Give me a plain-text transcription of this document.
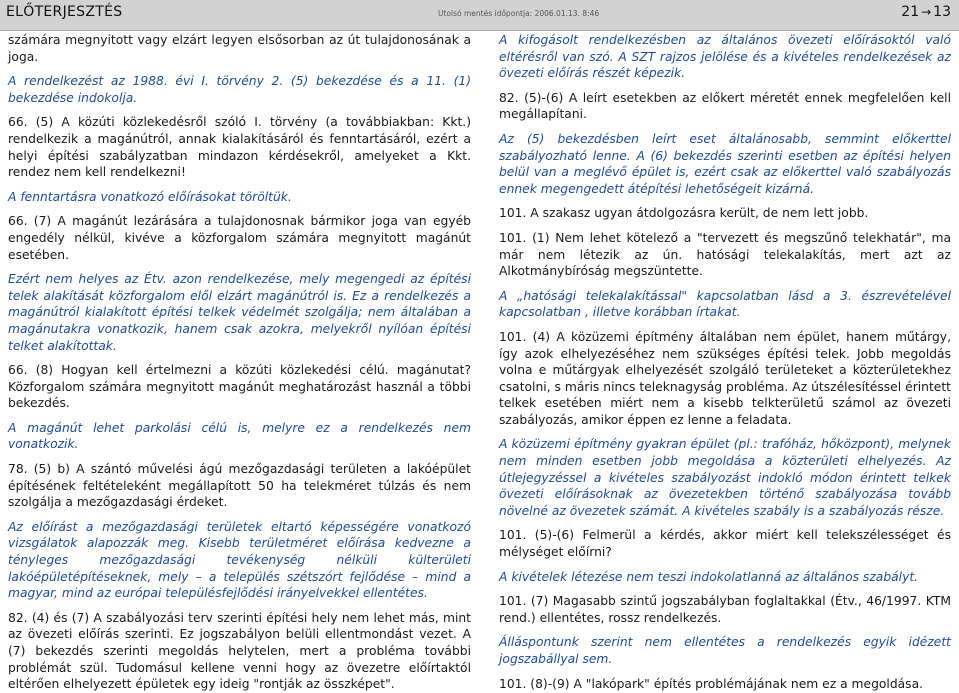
ELŐTERJESZTÉS	Utolsó mentés időpontja: 2006.01.13. 8:46	21 → 13

számára megnyitott vagy elzárt legyen elsősorban az út tulajdonosának a joga.

A rendelkezést az 1988. évi I. törvény 2. (5) bekezdése és a 11. (1) bekezdése indokolja.

66. (5) A közúti közlekedésről szóló I. törvény (a továbbiakban: Kkt.) rendelkezik a magánútról, annak kialakításáról és fenntartásáról, ezért a helyi építési szabályzatban mindazon kérdésekről, amelyeket a Kkt. rendez nem kell rendelkezni!

A fenntartásra vonatkozó előírásokat töröltük.

66. (7) A magánút lezárására a tulajdonosnak bármikor joga van egyéb engedély nélkül, kivéve a közforgalom számára megnyitott magánút esetében.

Ezért nem helyes az Étv. azon rendelkezése, mely megengedi az építési telek alakítását közforgalom elől elzárt magánútról is. Ez a rendelkezés a magánútról kialakított építési telkek védelmét szolgálja; nem általában a magánutakra vonatkozik, hanem csak azokra, melyekről nyílóan építési telket alakítottak.

66. (8) Hogyan kell értelmezni a közúti közlekedési célú. magánutat? Közforgalom számára megnyitott magánút meghatározást használ a többi bekezdés.

A magánút lehet parkolási célú is, melyre ez a rendelkezés nem vonatkozik.

78. (5) b) A szántó művelési ágú mezőgazdasági területen a lakóépület építésének feltételeként megállapított 50 ha telekméret túlzás és nem szolgálja a mezőgazdasági érdeket.

Az előírást a mezőgazdasági területek eltartó képességére vonatkozó vizsgálatok alapozzák meg. Kisebb területméret előírása kedvezne a tényleges mezőgazdasági tevékenység nélküli külterületi lakóépületépítéseknek, mely – a település szétszórt fejlődése – mind a magyar, mind az európai településfejlődési irányelvekkel ellentétes.

82. (4) és (7) A szabályozási terv szerinti építési hely nem lehet más, mint az övezeti előírás szerinti. Ez jogszabályon belüli ellentmondást vezet. A (7) bekezdés szerinti megoldás helytelen, mert a probléma további problémát szül. Tudomásul kellene venni hogy az övezetre előírtaktól eltérően elhelyezett épületek egy ideig "rontják az összképet".

A kifogásolt rendelkezésben az általános övezeti előírásoktól való eltérésről van szó. A SZT rajzos jelölése és a kivételes rendelkezések az övezeti előírás részét képezik.

82. (5)-(6) A leírt esetekben az előkert méretét ennek megfelelően kell megállapítani.

Az (5) bekezdésben leírt eset általánosabb, semmint előkerttel szabályozható lenne. A (6) bekezdés szerinti esetben az építési helyen belül van a meglévő épület is, ezért csak az előkerttel való szabályozás ennek megengedett átépítési lehetőségeit kizárná.

101. A szakasz ugyan átdolgozásra került, de nem lett jobb.

101. (1) Nem lehet kötelező a "tervezett és megszűnő telekhatár", ma már nem létezik az ún. hatósági telekalakítás, mert azt az Alkotmánybíróság megszüntette.

A „hatósági telekalakítással" kapcsolatban lásd a 3. észrevételével kapcsolatban , illetve korábban írtakat.

101. (4) A közüzemi építmény általában nem épület, hanem műtárgy, így azok elhelyezéséhez nem szükséges építési telek. Jobb megoldás volna e műtárgyak elhelyezését szolgáló területeket a közterületekhez csatolni, s máris nincs teleknagyság probléma. Az útszélesítéssel érintett telkek esetében miért nem a kisebb telkterületű számol az övezeti szabályozás, amikor éppen ez lenne a feladata.

A közüzemi építmény gyakran épület (pl.: trafóház, hőközpont), melynek nem minden esetben jobb megoldása a közterületi elhelyezés. Az útlejegyzéssel a kivételes szabályozást indokló módon érintett telkek övezeti előírásoknak az övezetekben történő szabályozása tovább növelné az övezetek számát. A kivételes szabály is a szabályozás része.

101. (5)-(6) Felmerül a kérdés, akkor miért kell telekszélességet és mélységet előírni?

A kivételek létezése nem teszi indokolatlanná az általános szabályt.

101. (7) Magasabb szintű jogszabályban foglaltakkal (Étv., 46/1997. KTM rend.) ellentétes, rossz rendelkezés.

Álláspontunk szerint nem ellentétes a rendelkezés egyik idézett jogszabállyal sem.

101. (8)-(9) A "lakópark" építés problémájának nem ez a megoldása.
